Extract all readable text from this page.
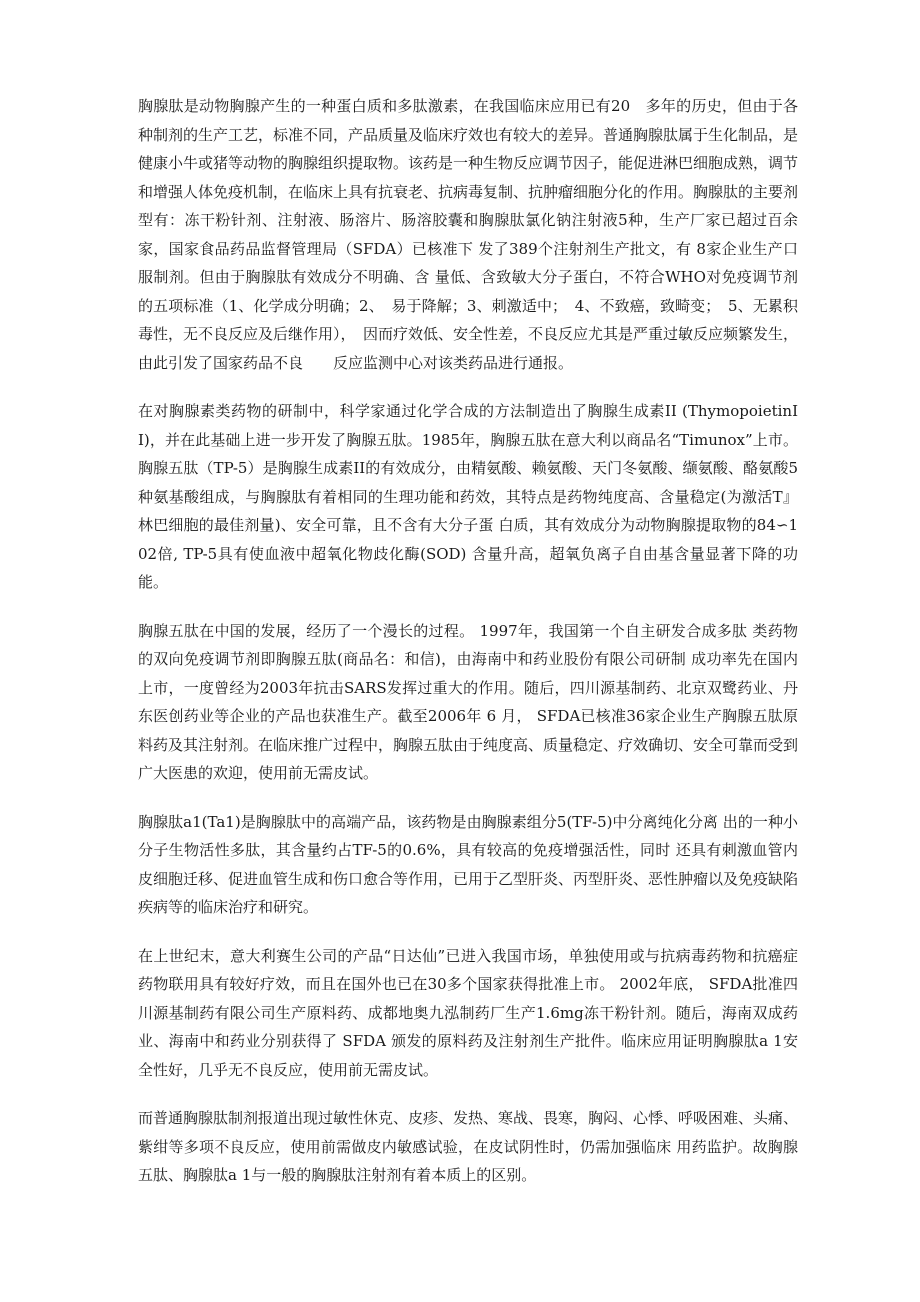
胸腺肽是动物胸腺产生的一种蛋白质和多肽激素，在我国临床应用已有20　多年的历史，但由于各种制剂的生产工艺，标准不同，产品质量及临床疗效也有较大的差异。普通胸腺肽属于生化制品，是健康小牛或猪等动物的胸腺组织提取物。该药是一种生物反应调节因子，能促进淋巴细胞成熟，调节和增强人体免疫机制，在临床上具有抗衰老、抗病毒复制、抗肿瘤细胞分化的作用。胸腺肽的主要剂型有：冻干粉针剂、注射液、肠溶片、肠溶胶囊和胸腺肽氯化钠注射液5种，生产厂家已超过百余家，国家食品药品监督管理局（SFDA）已核准下 发了389个注射剂生产批文，有 8家企业生产口服制剂。但由于胸腺肽有效成分不明确、含 量低、含致敏大分子蛋白，不符合WHO对免疫调节剂的五项标准（1、化学成分明确；2、　易于降解；3、刺激适中；　4、不致癌，致畸变；　5、无累积毒性，无不良反应及后继作用），　因而疗效低、安全性差，不良反应尤其是严重过敏反应频繁发生，由此引发了国家药品不良　　反应监测中心对该类药品进行通报。

在对胸腺素类药物的研制中，科学家通过化学合成的方法制造出了胸腺生成素II (ThymopoietinII)，并在此基础上进一步开发了胸腺五肽。1985年，胸腺五肽在意大利以商品名“Timunox”上市。胸腺五肽（TP-5）是胸腺生成素II的有效成分，由精氨酸、赖氨酸、天门冬氨酸、缬氨酸、酪氨酸5 种氨基酸组成，与胸腺肽有着相同的生理功能和药效，其特点是药物纯度高、含量稳定(为激活T』林巴细胞的最佳剂量)、安全可靠，且不含有大分子蛋 白质，其有效成分为动物胸腺提取物的84∽102倍, TP-5具有使血液中超氧化物歧化酶(SOD) 含量升高，超氧负离子自由基含量显著下降的功能。

胸腺五肽在中国的发展，经历了一个漫长的过程。 1997年，我国第一个自主研发合成多肽 类药物的双向免疫调节剂即胸腺五肽(商品名：和信)，由海南中和药业股份有限公司研制 成功率先在国内上市，一度曾经为2003年抗击SARS发挥过重大的作用。随后，四川源基制药、北京双鹭药业、丹东医创药业等企业的产品也获准生产。截至2006年 6 月， SFDA已核准36家企业生产胸腺五肽原料药及其注射剂。在临床推广过程中，胸腺五肽由于纯度高、质量稳定、疗效确切、安全可靠而受到广大医患的欢迎，使用前无需皮试。

胸腺肽a1(Ta1)是胸腺肽中的高端产品，该药物是由胸腺素组分5(TF-5)中分离纯化分离 出的一种小分子生物活性多肽，其含量约占TF-5的0.6%，具有较高的免疫增强活性，同时 还具有刺激血管内皮细胞迁移、促进血管生成和伤口愈合等作用，已用于乙型肝炎、丙型肝炎、恶性肿瘤以及免疫缺陷疾病等的临床治疗和研究。

在上世纪末，意大利赛生公司的产品“日达仙”已进入我国市场，单独使用或与抗病毒药物和抗癌症药物联用具有较好疗效，而且在国外也已在30多个国家获得批准上市。 2002年底， SFDA批准四川源基制药有限公司生产原料药、成都地奥九泓制药厂生产1.6mg冻干粉针剂。随后，海南双成药业、海南中和药业分别获得了 SFDA 颁发的原料药及注射剂生产批件。临床应用证明胸腺肽a 1安全性好，几乎无不良反应，使用前无需皮试。

而普通胸腺肽制剂报道出现过敏性休克、皮疹、发热、寒战、畏寒，胸闷、心悸、呼吸困难、头痛、紫绀等多项不良反应，使用前需做皮内敏感试验，在皮试阴性时，仍需加强临床 用药监护。故胸腺五肽、胸腺肽a 1与一般的胸腺肽注射剂有着本质上的区别。
